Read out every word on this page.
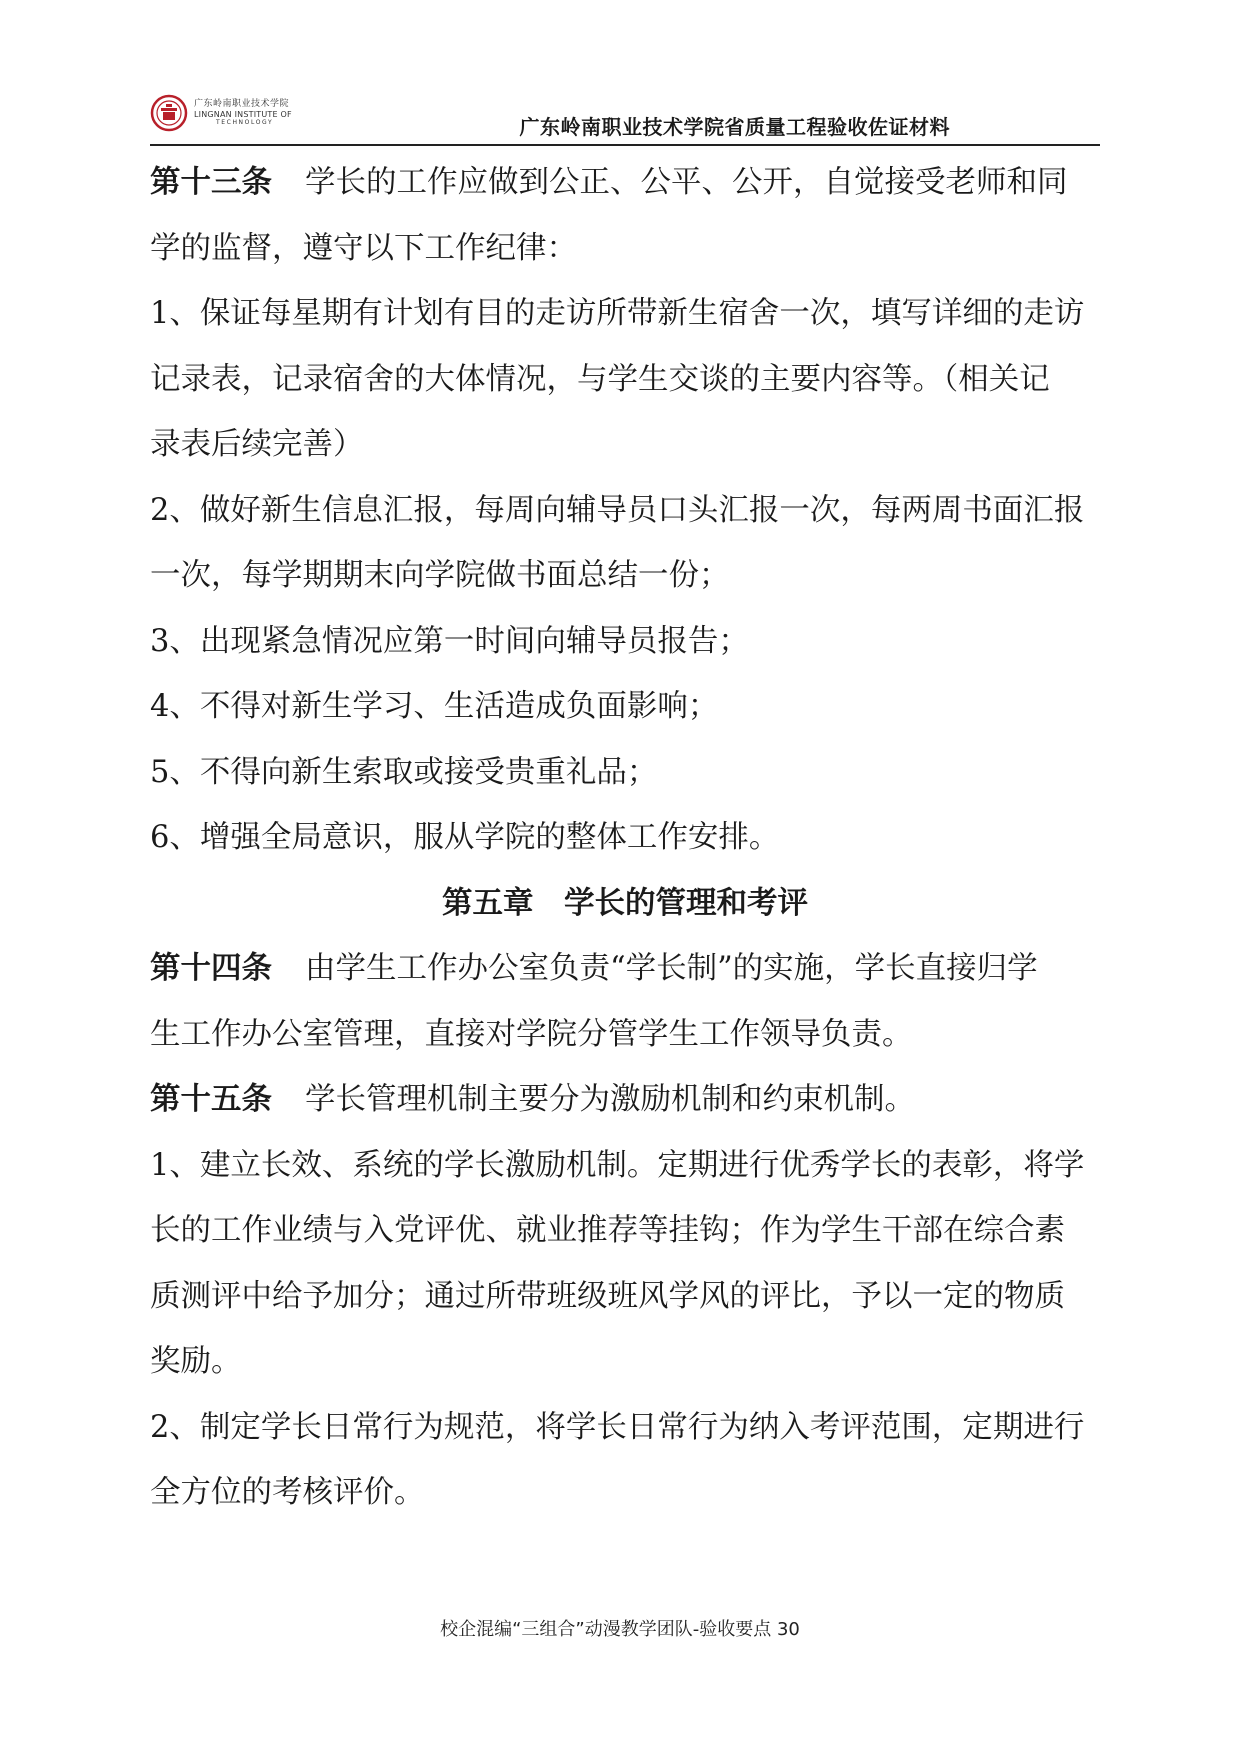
广东岭南职业技术学院
LINGNAN INSTITUTE OF
TECHNOLOGY	广东岭南职业技术学院省质量工程验收佐证材料

第十三条 学长的工作应做到公正、公平、公开，自觉接受老师和同

学的监督，遵守以下工作纪律：

1、保证每星期有计划有目的走访所带新生宿舍一次，填写详细的走访

记录表，记录宿舍的大体情况，与学生交谈的主要内容等。（相关记

录表后续完善）

2、做好新生信息汇报，每周向辅导员口头汇报一次，每两周书面汇报

一次，每学期期末向学院做书面总结一份；

3、出现紧急情况应第一时间向辅导员报告；

4、不得对新生学习、生活造成负面影响；

5、不得向新生索取或接受贵重礼品；

6、增强全局意识，服从学院的整体工作安排。

第五章　学长的管理和考评

第十四条 由学生工作办公室负责“学长制”的实施，学长直接归学

生工作办公室管理，直接对学院分管学生工作领导负责。

第十五条 学长管理机制主要分为激励机制和约束机制。

1、建立长效、系统的学长激励机制。定期进行优秀学长的表彰，将学

长的工作业绩与入党评优、就业推荐等挂钩；作为学生干部在综合素

质测评中给予加分；通过所带班级班风学风的评比，予以一定的物质

奖励。

2、制定学长日常行为规范，将学长日常行为纳入考评范围，定期进行

全方位的考核评价。

校企混编“三组合”动漫教学团队-验收要点 30
